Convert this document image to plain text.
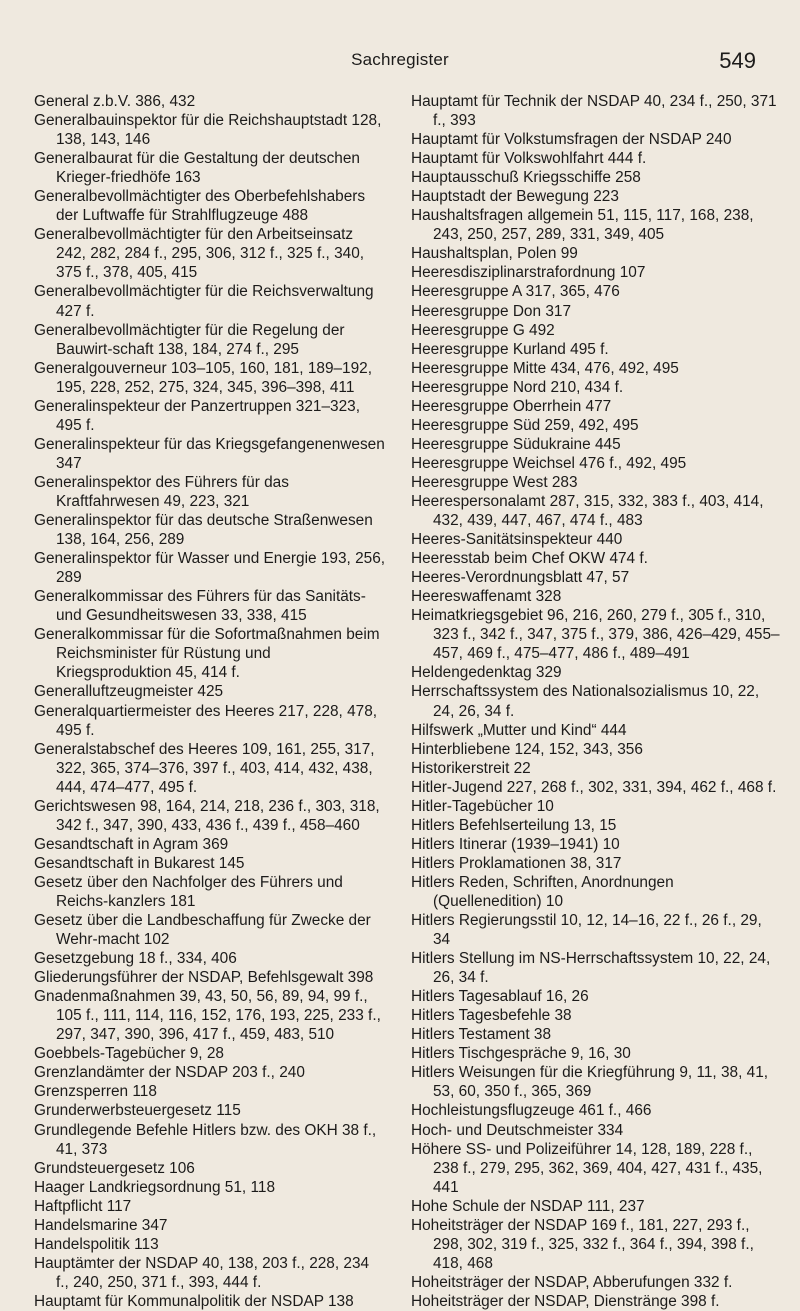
Sachregister	549

General z.b.V. 386, 432

Generalbauinspektor für die Reichshauptstadt 128, 138, 143, 146

Generalbaurat für die Gestaltung der deutschen Krieger-friedhöfe 163

Generalbevollmächtigter des Oberbefehlshabers der Luftwaffe für Strahlflugzeuge 488

Generalbevollmächtigter für den Arbeitseinsatz 242, 282, 284 f., 295, 306, 312 f., 325 f., 340, 375 f., 378, 405, 415

Generalbevollmächtigter für die Reichsverwaltung 427 f.

Generalbevollmächtigter für die Regelung der Bauwirt-schaft 138, 184, 274 f., 295

Generalgouverneur 103–105, 160, 181, 189–192, 195, 228, 252, 275, 324, 345, 396–398, 411

Generalinspekteur der Panzertruppen 321–323, 495 f.

Generalinspekteur für das Kriegsgefangenenwesen 347

Generalinspektor des Führers für das Kraftfahrwesen 49, 223, 321

Generalinspektor für das deutsche Straßenwesen 138, 164, 256, 289

Generalinspektor für Wasser und Energie 193, 256, 289

Generalkommissar des Führers für das Sanitäts- und Gesundheitswesen 33, 338, 415

Generalkommissar für die Sofortmaßnahmen beim Reichsminister für Rüstung und Kriegsproduktion 45, 414 f.

Generalluftzeugmeister 425

Generalquartiermeister des Heeres 217, 228, 478, 495 f.

Generalstabschef des Heeres 109, 161, 255, 317, 322, 365, 374–376, 397 f., 403, 414, 432, 438, 444, 474–477, 495 f.

Gerichtswesen 98, 164, 214, 218, 236 f., 303, 318, 342 f., 347, 390, 433, 436 f., 439 f., 458–460

Gesandtschaft in Agram 369

Gesandtschaft in Bukarest 145

Gesetz über den Nachfolger des Führers und Reichs-kanzlers 181

Gesetz über die Landbeschaffung für Zwecke der Wehr-macht 102

Gesetzgebung 18 f., 334, 406

Gliederungsführer der NSDAP, Befehlsgewalt 398

Gnadenmaßnahmen 39, 43, 50, 56, 89, 94, 99 f., 105 f., 111, 114, 116, 152, 176, 193, 225, 233 f., 297, 347, 390, 396, 417 f., 459, 483, 510

Goebbels-Tagebücher 9, 28

Grenzlandämter der NSDAP 203 f., 240

Grenzsperren 118

Grunderwerbsteuergesetz 115

Grundlegende Befehle Hitlers bzw. des OKH 38 f., 41, 373

Grundsteuergesetz 106

Haager Landkriegsordnung 51, 118

Haftpflicht 117

Handelsmarine 347

Handelspolitik 113

Hauptämter der NSDAP 40, 138, 203 f., 228, 234 f., 240, 250, 371 f., 393, 444 f.

Hauptamt für Kommunalpolitik der NSDAP 138

Hauptamt für Technik der NSDAP 40, 234 f., 250, 371 f., 393

Hauptamt für Volkstumsfragen der NSDAP 240

Hauptamt für Volkswohlfahrt 444 f.

Hauptausschuß Kriegsschiffe 258

Hauptstadt der Bewegung 223

Haushaltsfragen allgemein 51, 115, 117, 168, 238, 243, 250, 257, 289, 331, 349, 405

Haushaltsplan, Polen 99

Heeresdisziplinarstrafordnung 107

Heeresgruppe A 317, 365, 476

Heeresgruppe Don 317

Heeresgruppe G 492

Heeresgruppe Kurland 495 f.

Heeresgruppe Mitte 434, 476, 492, 495

Heeresgruppe Nord 210, 434 f.

Heeresgruppe Oberrhein 477

Heeresgruppe Süd 259, 492, 495

Heeresgruppe Südukraine 445

Heeresgruppe Weichsel 476 f., 492, 495

Heeresgruppe West 283

Heerespersonalamt 287, 315, 332, 383 f., 403, 414, 432, 439, 447, 467, 474 f., 483

Heeres-Sanitätsinspekteur 440

Heeresstab beim Chef OKW 474 f.

Heeres-Verordnungsblatt 47, 57

Heereswaffenamt 328

Heimatkriegsgebiet 96, 216, 260, 279 f., 305 f., 310, 323 f., 342 f., 347, 375 f., 379, 386, 426–429, 455–457, 469 f., 475–477, 486 f., 489–491

Heldengedenktag 329

Herrschaftssystem des Nationalsozialismus 10, 22, 24, 26, 34 f.

Hilfswerk „Mutter und Kind“ 444

Hinterbliebene 124, 152, 343, 356

Historikerstreit 22

Hitler-Jugend 227, 268 f., 302, 331, 394, 462 f., 468 f.

Hitler-Tagebücher 10

Hitlers Befehlserteilung 13, 15

Hitlers Itinerar (1939–1941) 10

Hitlers Proklamationen 38, 317

Hitlers Reden, Schriften, Anordnungen (Quellenedition) 10

Hitlers Regierungsstil 10, 12, 14–16, 22 f., 26 f., 29, 34

Hitlers Stellung im NS-Herrschaftssystem 10, 22, 24, 26, 34 f.

Hitlers Tagesablauf 16, 26

Hitlers Tagesbefehle 38

Hitlers Testament 38

Hitlers Tischgespräche 9, 16, 30

Hitlers Weisungen für die Kriegführung 9, 11, 38, 41, 53, 60, 350 f., 365, 369

Hochleistungsflugzeuge 461 f., 466

Hoch- und Deutschmeister 334

Höhere SS- und Polizeiführer 14, 128, 189, 228 f., 238 f., 279, 295, 362, 369, 404, 427, 431 f., 435, 441

Hohe Schule der NSDAP 111, 237

Hoheitsträger der NSDAP 169 f., 181, 227, 293 f., 298, 302, 319 f., 325, 332 f., 364 f., 394, 398 f., 418, 468

Hoheitsträger der NSDAP, Abberufungen 332 f.

Hoheitsträger der NSDAP, Dienstränge 398 f.
